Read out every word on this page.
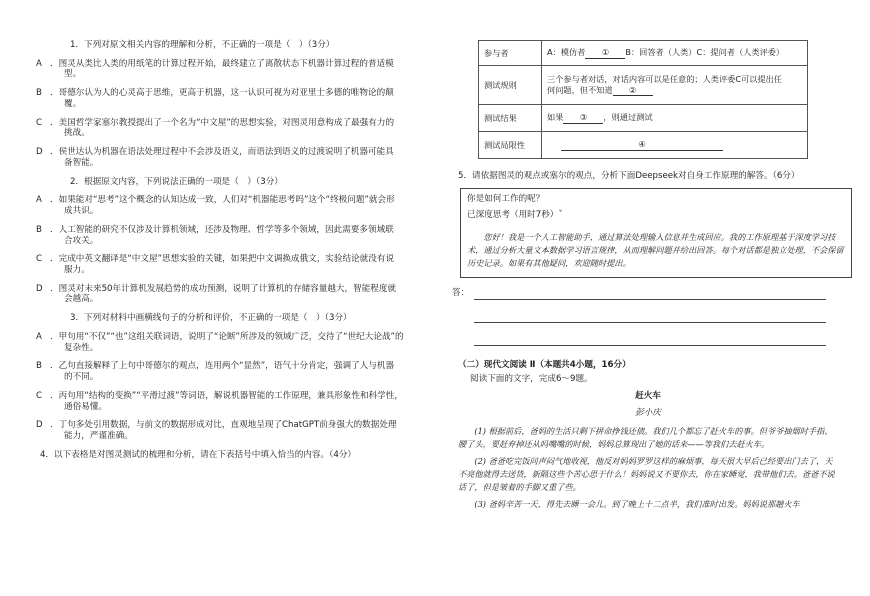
1．下列对原文相关内容的理解和分析，不正确的一项是（　）（3分）
A ．图灵从类比人类的用纸笔的计算过程开始，最终建立了离散状态下机器计算过程的普适模
型。
B ．哥德尔认为人的心灵高于思维，更高于机器，这一认识可视为对亚里士多德的唯物论的颠
覆。
C ．美国哲学家塞尔教授提出了一个名为“中文屋”的思想实验，对图灵用意构成了最强有力的
挑战。
D ．侯世达认为机器在语法处理过程中不会涉及语义，而语法到语义的过渡说明了机器可能具
备智能。
2．根据原文内容，下列说法正确的一项是（　）（3分）
A ．如果能对“思考”这个概念的认知达成一致，人们对“机器能思考吗”这个“终极问题”就会形
成共识。
B ．人工智能的研究不仅涉及计算机领域，还涉及物理、哲学等多个领域，因此需要多领域联
合攻关。
C ．完成中英文翻译是“中文屋”思想实验的关键，如果把中文调换成俄文，实验结论就没有说
服力。
D ．图灵对未来50年计算机发展趋势的成功预测，说明了计算机的存储容量越大，智能程度就
会越高。
3．下列对材料中画横线句子的分析和评价，不正确的一项是（　）（3分）
A ．甲句用“不仅”“也”这组关联词语，说明了“论断”所涉及的领域广泛，交待了“世纪大论战”的
复杂性。
B ．乙句直接解释了上句中哥德尔的观点，连用两个“显然”，语气十分肯定，强调了人与机器
的不同。
C ．丙句用“结构的变换”“平滑过渡”等词语，解说机器智能的工作原理，兼具形象性和科学性，
通俗易懂。
D ．丁句多处引用数据，与前文的数据形成对比，直观地呈现了ChatGPT前身强大的数据处理
能力，严谨准确。
4．以下表格是对图灵测试的梳理和分析，请在下表括号中填入恰当的内容。（4分）
参与者	A：模仿者 ① B：回答者（人类）C：提问者（人类评委）
测试规则	三个参与者对话，对话内容可以是任意的；人类评委C可以提出任
何问题，但不知道 ②
测试结果	如果 ③ ，则通过测试
测试局限性	④
5．请依据图灵的观点或塞尔的观点，分析下面Deepseek对自身工作原理的解答。（6分）
你是如何工作的呢？
已深度思考（用时7秒）ˇ
您好！我是一个人工智能助手，通过算法处理输入信息并生成回应。我的工作原理基于深度学习技术，通过分析大量文本数据学习语言规律，从而理解问题并给出回答。每个对话都是独立处理，不会保留历史记录。如果有其他疑问，欢迎随时提出。
答：
（二）现代文阅读 Ⅱ（本题共4小题，16分）
阅读下面的文字，完成6～9题。
赶火车
彭小庆
(1) 根据前后，爸妈的生活只剩下拼命挣钱还债。我们几个都忘了赶火车的事。但爷爷抽烟时手指、腰了头，要赶弃掉还从吗嘴嘴的时候，妈妈总算现出了她的话来——等我们去赶火车。
(2) 爸爸吃完饭问声闷气地收视，他反对妈妈罗罗这样的麻烦事，每天很大早后已经要出门去了，天不亮他就得去送货，新隔这些个苦心思于什么！妈妈说又不要你去，你在家睡觉，我带他们去。爸爸不说话了，但是皱着的手脚又重了些。
(3) 爸妈辛苦一天，得先去睡一会儿。到了晚上十二点半，我们准时出发。妈妈说那趟火车
